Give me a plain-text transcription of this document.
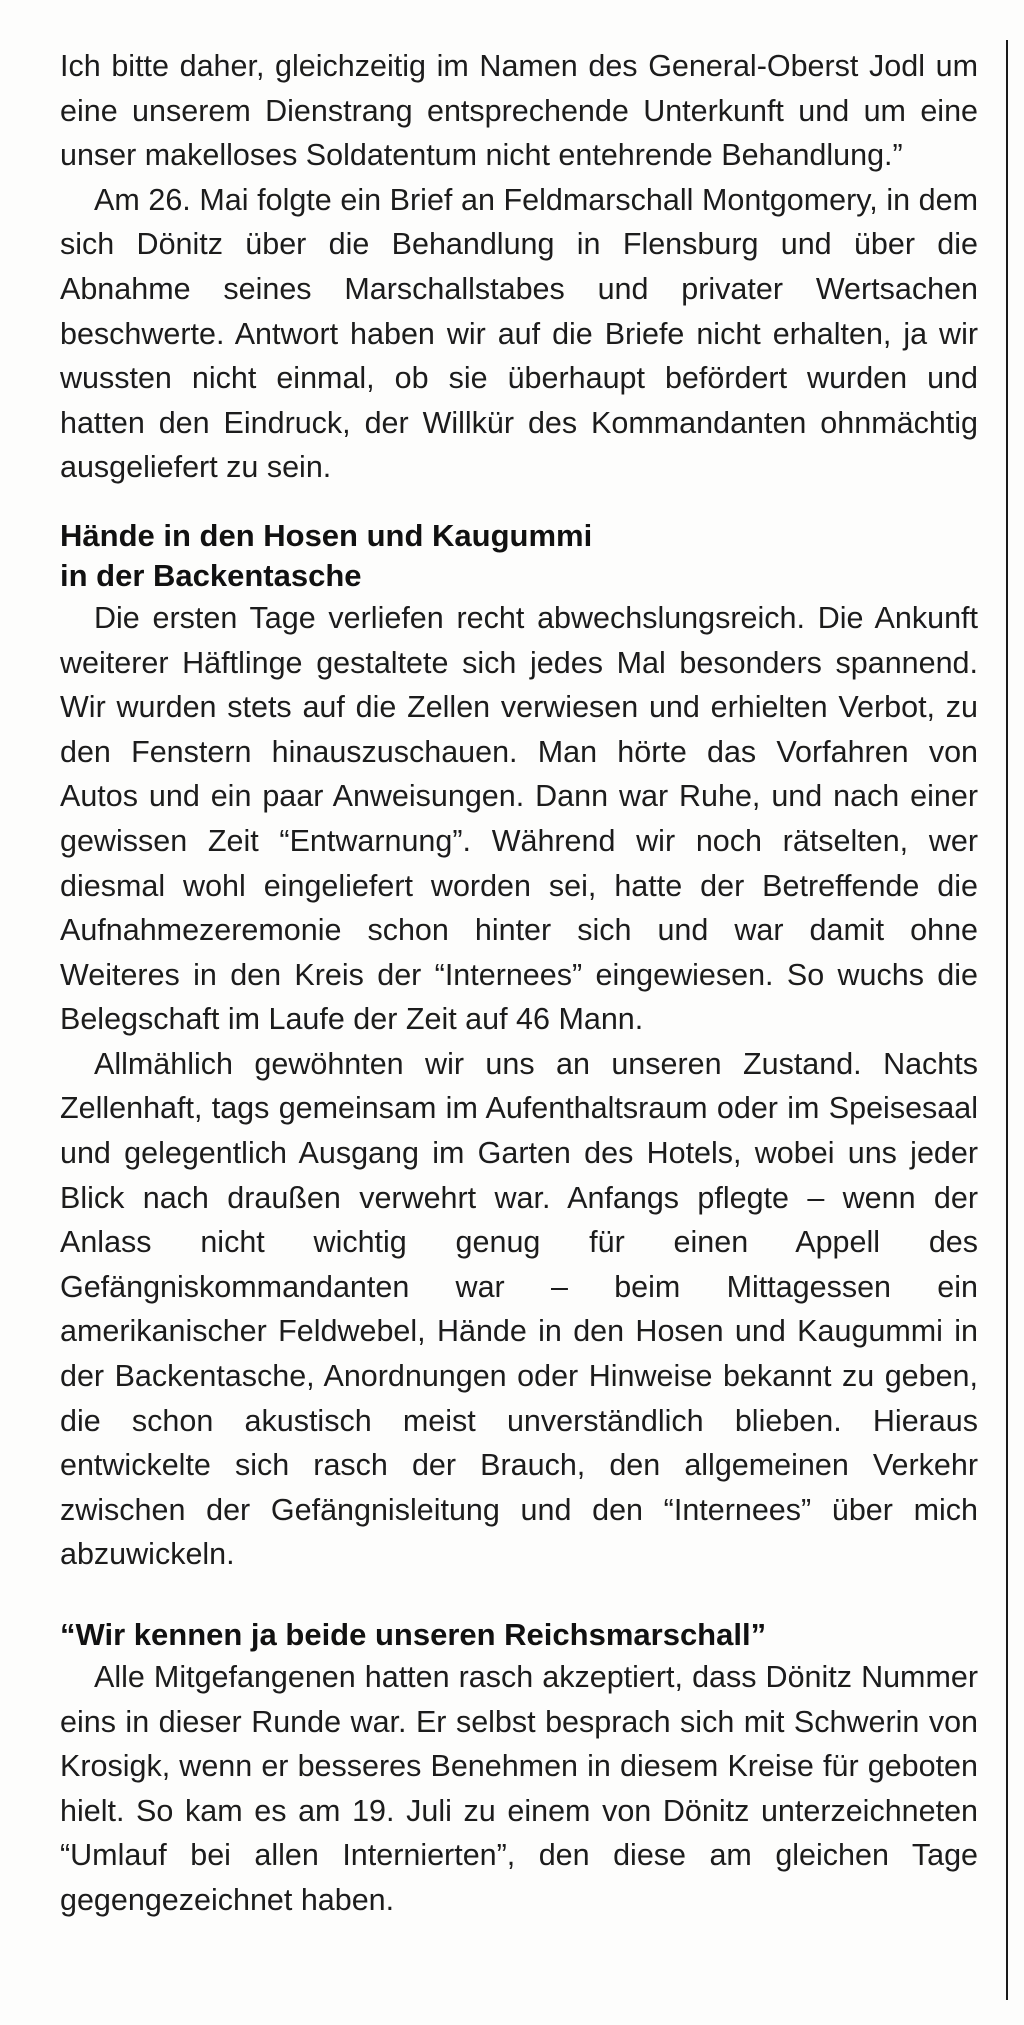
Ich bitte daher, gleichzeitig im Namen des General-Oberst Jodl um eine unserem Dienstrang entsprechende Unterkunft und um eine unser makelloses Soldatentum nicht entehrende Behandlung.”

Am 26. Mai folgte ein Brief an Feldmarschall Montgomery, in dem sich Dönitz über die Behandlung in Flensburg und über die Abnahme seines Marschallstabes und privater Wertsachen beschwerte. Antwort haben wir auf die Briefe nicht erhalten, ja wir wussten nicht einmal, ob sie überhaupt befördert wurden und hatten den Eindruck, der Willkür des Kommandanten ohnmächtig ausgeliefert zu sein.

Hände in den Hosen und Kaugummi
in der Backentasche

Die ersten Tage verliefen recht abwechslungsreich. Die Ankunft weiterer Häftlinge gestaltete sich jedes Mal besonders spannend. Wir wurden stets auf die Zellen verwiesen und erhielten Verbot, zu den Fenstern hinauszuschauen. Man hörte das Vorfahren von Autos und ein paar Anweisungen. Dann war Ruhe, und nach einer gewissen Zeit “Entwarnung”. Während wir noch rätselten, wer diesmal wohl eingeliefert worden sei, hatte der Betreffende die Aufnahmezeremonie schon hinter sich und war damit ohne Weiteres in den Kreis der “Internees” eingewiesen. So wuchs die Belegschaft im Laufe der Zeit auf 46 Mann.

Allmählich gewöhnten wir uns an unseren Zustand. Nachts Zellenhaft, tags gemeinsam im Aufenthaltsraum oder im Speisesaal und gelegentlich Ausgang im Garten des Hotels, wobei uns jeder Blick nach draußen verwehrt war. Anfangs pflegte – wenn der Anlass nicht wichtig genug für einen Appell des Gefängniskommandanten war – beim Mittagessen ein amerikanischer Feldwebel, Hände in den Hosen und Kaugummi in der Backentasche, Anordnungen oder Hinweise bekannt zu geben, die schon akustisch meist unverständlich blieben. Hieraus entwickelte sich rasch der Brauch, den allgemeinen Verkehr zwischen der Gefängnisleitung und den “Internees” über mich abzuwickeln.

“Wir kennen ja beide unseren Reichsmarschall”

Alle Mitgefangenen hatten rasch akzeptiert, dass Dönitz Nummer eins in dieser Runde war. Er selbst besprach sich mit Schwerin von Krosigk, wenn er besseres Benehmen in diesem Kreise für geboten hielt. So kam es am 19. Juli zu einem von Dönitz unterzeichneten “Umlauf bei allen Internierten”, den diese am gleichen Tage gegengezeichnet haben.
